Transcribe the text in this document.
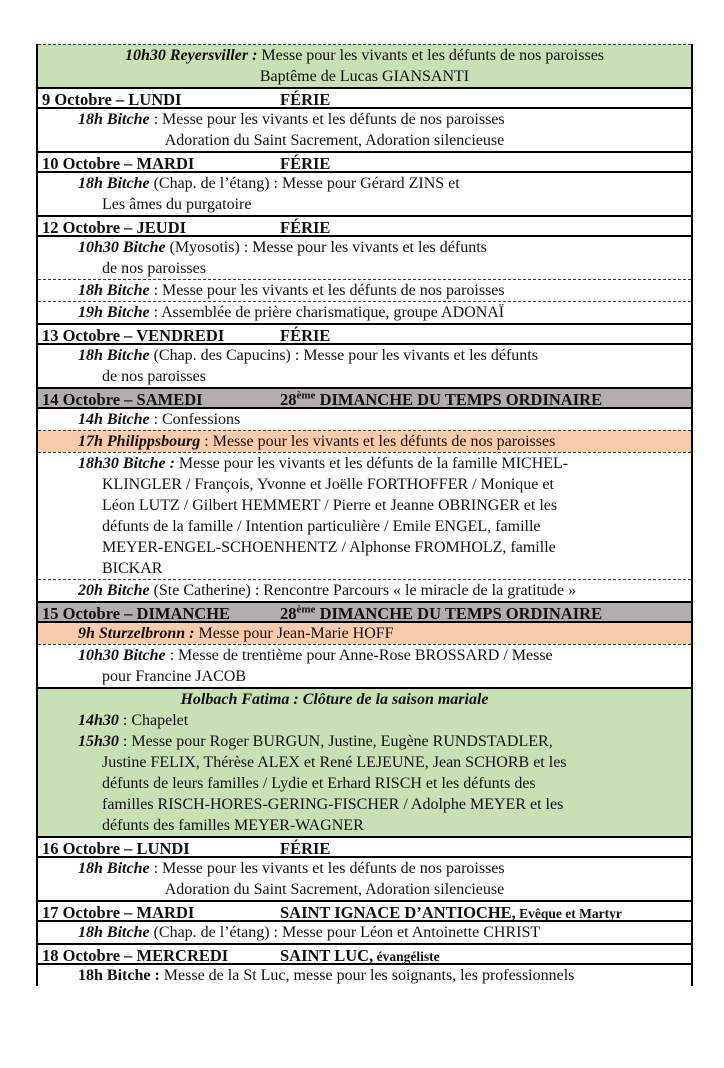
10h30 Reyersviller : Messe pour les vivants et les défunts de nos paroisses
Baptême de Lucas GIANSANTI
9 Octobre – LUNDI	FÉRIE
18h Bitche : Messe pour les vivants et les défunts de nos paroisses
Adoration du Saint Sacrement, Adoration silencieuse
10 Octobre – MARDI	FÉRIE
18h Bitche (Chap. de l’étang) : Messe pour Gérard ZINS et
Les âmes du purgatoire
12 Octobre – JEUDI	FÉRIE
10h30 Bitche (Myosotis) : Messe pour les vivants et les défunts
de nos paroisses
18h Bitche : Messe pour les vivants et les défunts de nos paroisses
19h Bitche : Assemblée de prière charismatique, groupe ADONAÏ
13 Octobre – VENDREDI	FÉRIE
18h Bitche (Chap. des Capucins) : Messe pour les vivants et les défunts
de nos paroisses
14 Octobre – SAMEDI	28ème DIMANCHE DU TEMPS ORDINAIRE
14h Bitche : Confessions
17h Philippsbourg : Messe pour les vivants et les défunts de nos paroisses
18h30 Bitche : Messe pour les vivants et les défunts de la famille MICHEL-
KLINGLER / François, Yvonne et Joëlle FORTHOFFER / Monique et
Léon LUTZ / Gilbert HEMMERT / Pierre et Jeanne OBRINGER et les
défunts de la famille / Intention particulière / Emile ENGEL, famille
MEYER-ENGEL-SCHOENHENTZ / Alphonse FROMHOLZ, famille
BICKAR
20h Bitche (Ste Catherine) : Rencontre Parcours « le miracle de la gratitude »
15 Octobre – DIMANCHE	28ème DIMANCHE DU TEMPS ORDINAIRE
9h Sturzelbronn : Messe pour Jean-Marie HOFF
10h30 Bitche : Messe de trentième pour Anne-Rose BROSSARD / Messe
pour Francine JACOB
Holbach Fatima : Clôture de la saison mariale
14h30 : Chapelet
15h30 : Messe pour Roger BURGUN, Justine, Eugène RUNDSTADLER,
Justine FELIX, Thérèse ALEX et René LEJEUNE, Jean SCHORB et les
défunts de leurs familles / Lydie et Erhard RISCH et les défunts des
familles RISCH-HORES-GERING-FISCHER / Adolphe MEYER et les
défunts des familles MEYER-WAGNER
16 Octobre – LUNDI	FÉRIE
18h Bitche : Messe pour les vivants et les défunts de nos paroisses
Adoration du Saint Sacrement, Adoration silencieuse
17 Octobre – MARDI	SAINT IGNACE D’ANTIOCHE, Evêque et Martyr
18h Bitche (Chap. de l’étang) : Messe pour Léon et Antoinette CHRIST
18 Octobre – MERCREDI	SAINT LUC, évangéliste
18h Bitche : Messe de la St Luc, messe pour les soignants, les professionnels
